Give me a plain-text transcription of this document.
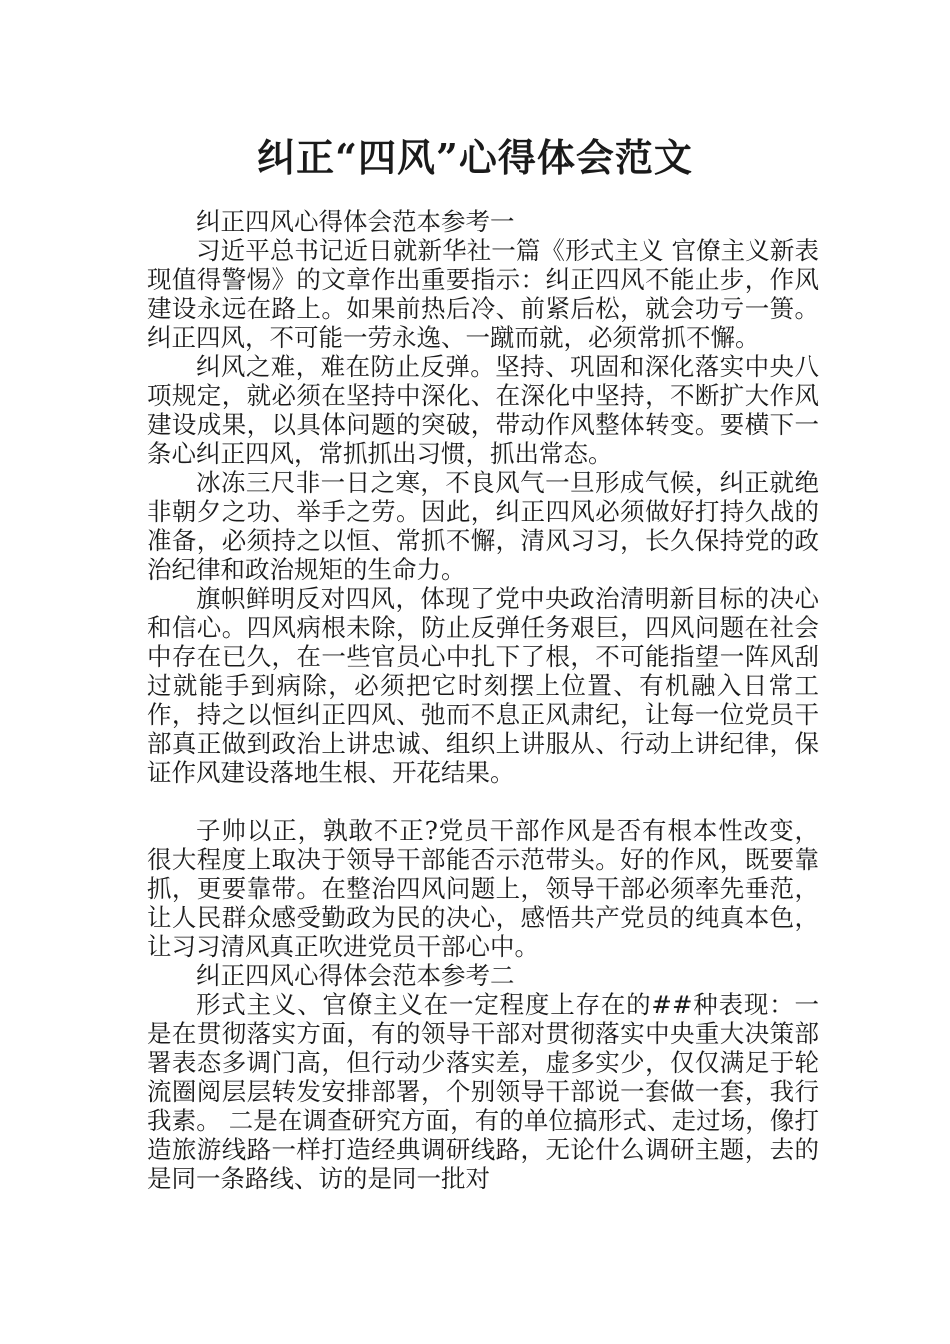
纠正“四风”心得体会范文

纠正四风心得体会范本参考一

习近平总书记近日就新华社一篇《形式主义 官僚主义新表现值得警惕》的文章作出重要指示：纠正四风不能止步，作风建设永远在路上。如果前热后冷、前紧后松，就会功亏一篑。纠正四风，不可能一劳永逸、一蹴而就，必须常抓不懈。

纠风之难，难在防止反弹。坚持、巩固和深化落实中央八项规定，就必须在坚持中深化、在深化中坚持，不断扩大作风建设成果，以具体问题的突破，带动作风整体转变。要横下一条心纠正四风，常抓抓出习惯，抓出常态。

冰冻三尺非一日之寒，不良风气一旦形成气候，纠正就绝非朝夕之功、举手之劳。因此，纠正四风必须做好打持久战的准备，必须持之以恒、常抓不懈，清风习习，长久保持党的政治纪律和政治规矩的生命力。

旗帜鲜明反对四风，体现了党中央政治清明新目标的决心和信心。四风病根未除，防止反弹任务艰巨，四风问题在社会中存在已久，在一些官员心中扎下了根，不可能指望一阵风刮过就能手到病除，必须把它时刻摆上位置、有机融入日常工作，持之以恒纠正四风、弛而不息正风肃纪，让每一位党员干部真正做到政治上讲忠诚、组织上讲服从、行动上讲纪律，保证作风建设落地生根、开花结果。

子帅以正，孰敢不正?党员干部作风是否有根本性改变，很大程度上取决于领导干部能否示范带头。好的作风，既要靠抓，更要靠带。在整治四风问题上，领导干部必须率先垂范，让人民群众感受勤政为民的决心，感悟共产党员的纯真本色，让习习清风真正吹进党员干部心中。

纠正四风心得体会范本参考二

形式主义、官僚主义在一定程度上存在的##种表现：一是在贯彻落实方面，有的领导干部对贯彻落实中央重大决策部署表态多调门高，但行动少落实差，虚多实少，仅仅满足于轮流圈阅层层转发安排部署，个别领导干部说一套做一套，我行我素。 二是在调查研究方面，有的单位搞形式、走过场，像打造旅游线路一样打造经典调研线路，无论什么调研主题，去的是同一条路线、访的是同一批对
